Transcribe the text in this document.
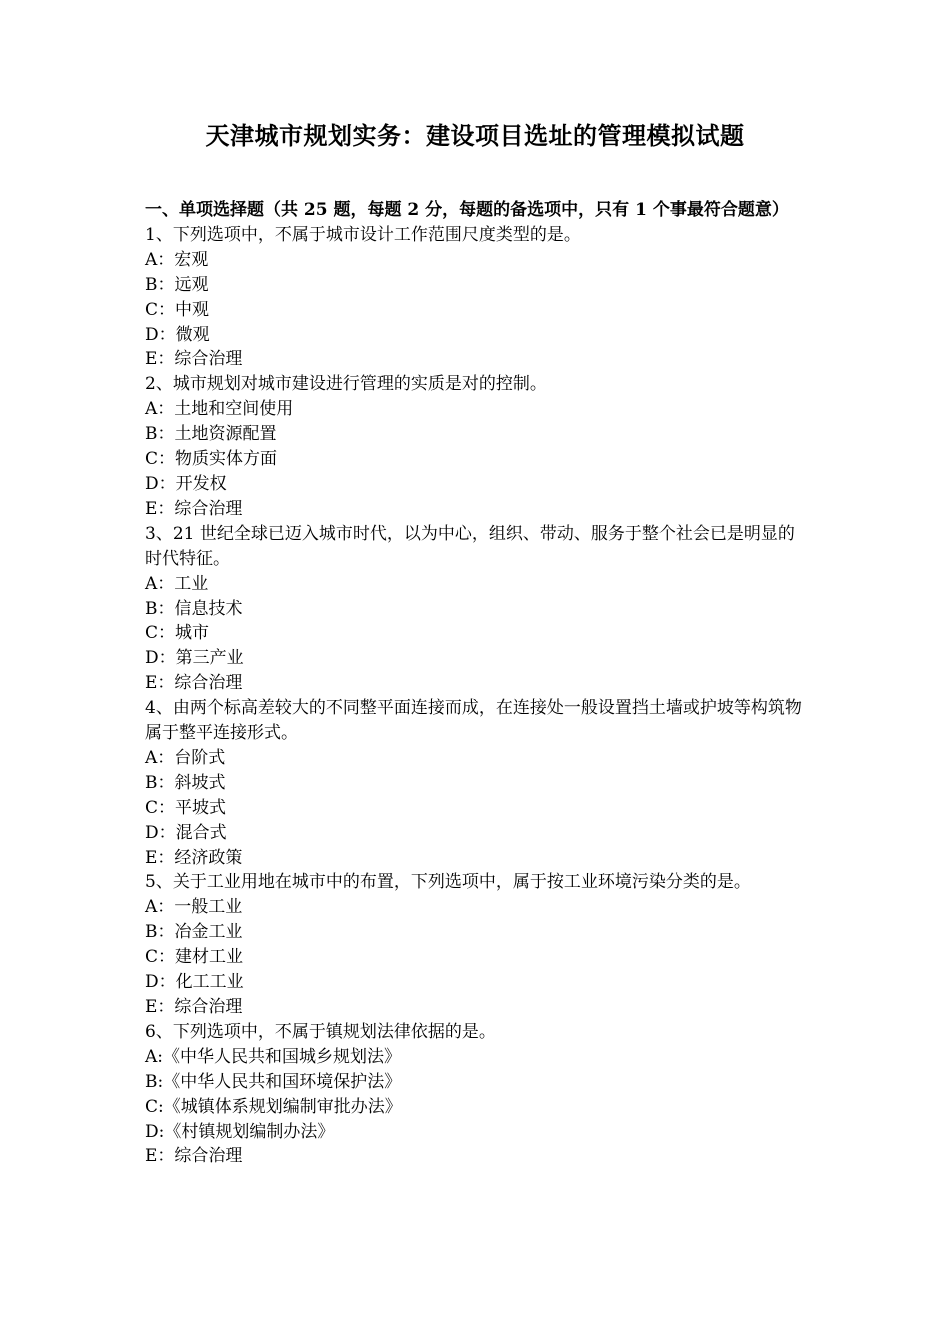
天津城市规划实务：建设项目选址的管理模拟试题

一、单项选择题（共 25 题，每题 2 分，每题的备选项中，只有 1 个事最符合题意）

1、下列选项中，不属于城市设计工作范围尺度类型的是。

A：宏观

B：远观

C：中观

D：微观

E：综合治理

2、城市规划对城市建设进行管理的实质是对的控制。

A：土地和空间使用

B：土地资源配置

C：物质实体方面

D：开发权

E：综合治理

3、21 世纪全球已迈入城市时代，以为中心，组织、带动、服务于整个社会已是明显的时代特征。

A：工业

B：信息技术

C：城市

D：第三产业

E：综合治理

4、由两个标高差较大的不同整平面连接而成，在连接处一般设置挡土墙或护坡等构筑物属于整平连接形式。

A：台阶式

B：斜坡式

C：平坡式

D：混合式

E：经济政策

5、关于工业用地在城市中的布置，下列选项中，属于按工业环境污染分类的是。

A：一般工业

B：冶金工业

C：建材工业

D：化工工业

E：综合治理

6、下列选项中，不属于镇规划法律依据的是。

A:《中华人民共和国城乡规划法》

B:《中华人民共和国环境保护法》

C:《城镇体系规划编制审批办法》

D:《村镇规划编制办法》

E：综合治理
